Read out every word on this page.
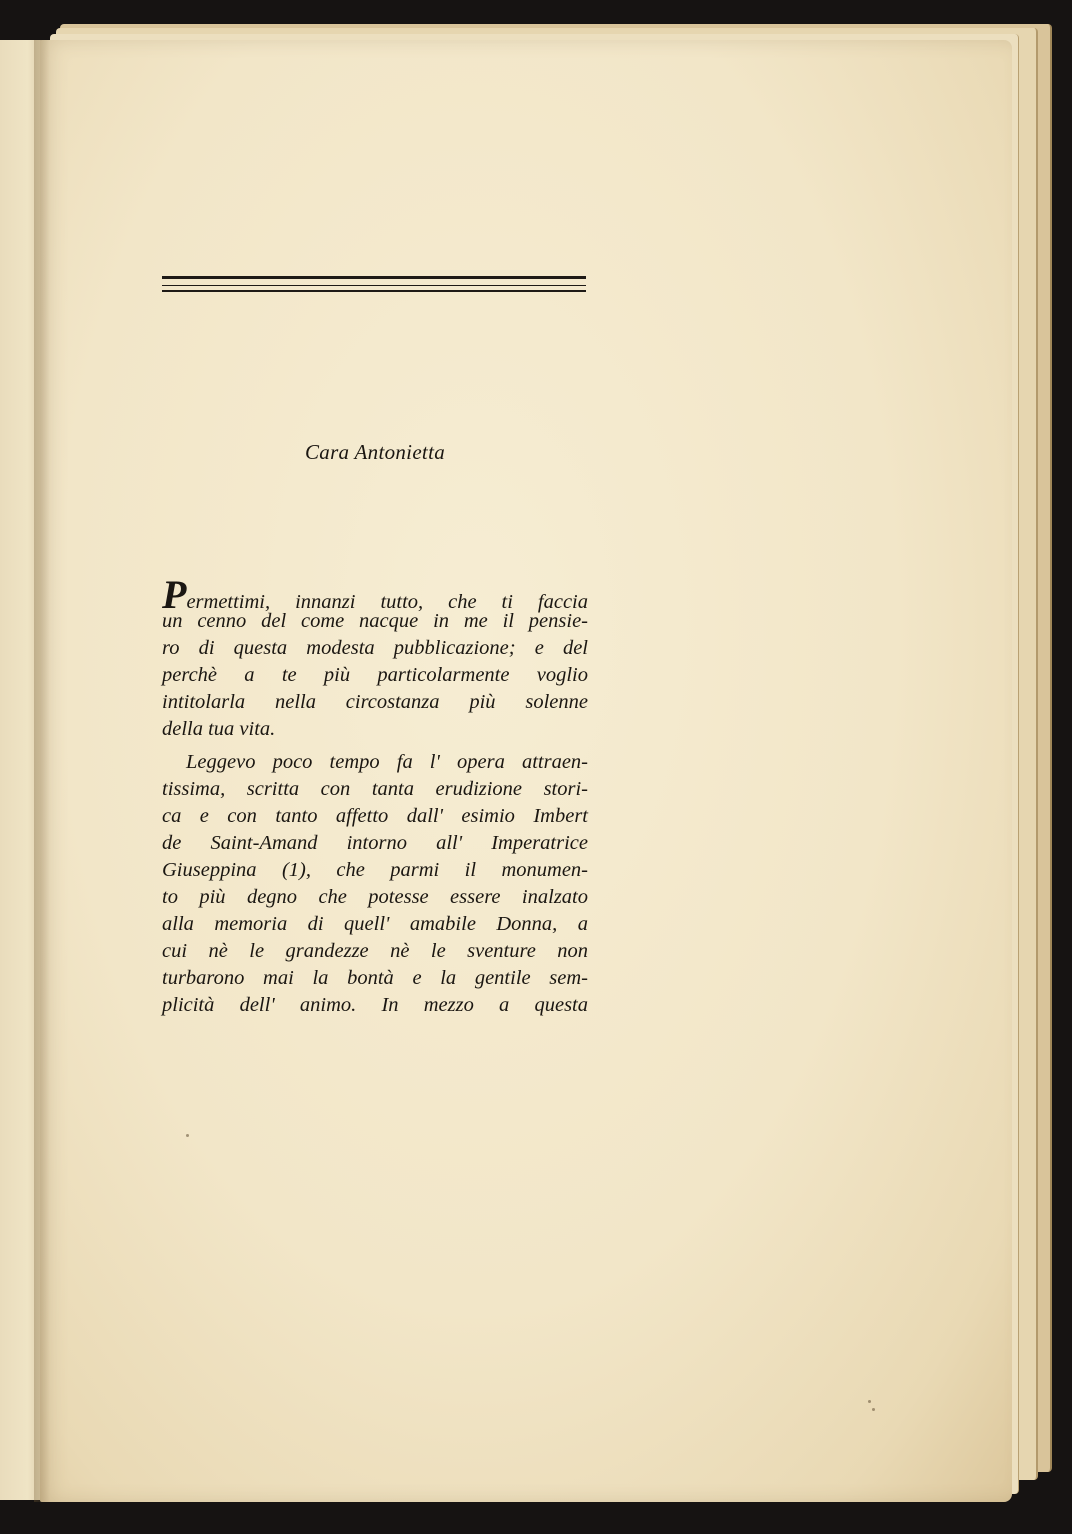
Cara Antonietta
Permettimi, innanzi tutto, che ti faccia
un cenno del come nacque in me il pensie-
ro di questa modesta pubblicazione; e del
perchè a te più particolarmente voglio
intitolarla nella circostanza più solenne
della tua vita.
Leggevo poco tempo fa l' opera attraen-
tissima, scritta con tanta erudizione stori-
ca e con tanto affetto dall' esimio Imbert
de Saint-Amand intorno all' Imperatrice
Giuseppina (1), che parmi il monumen-
to più degno che potesse essere inalzato
alla memoria di quell' amabile Donna, a
cui nè le grandezze nè le sventure non
turbarono mai la bontà e la gentile sem-
plicità dell' animo. In mezzo a questa
